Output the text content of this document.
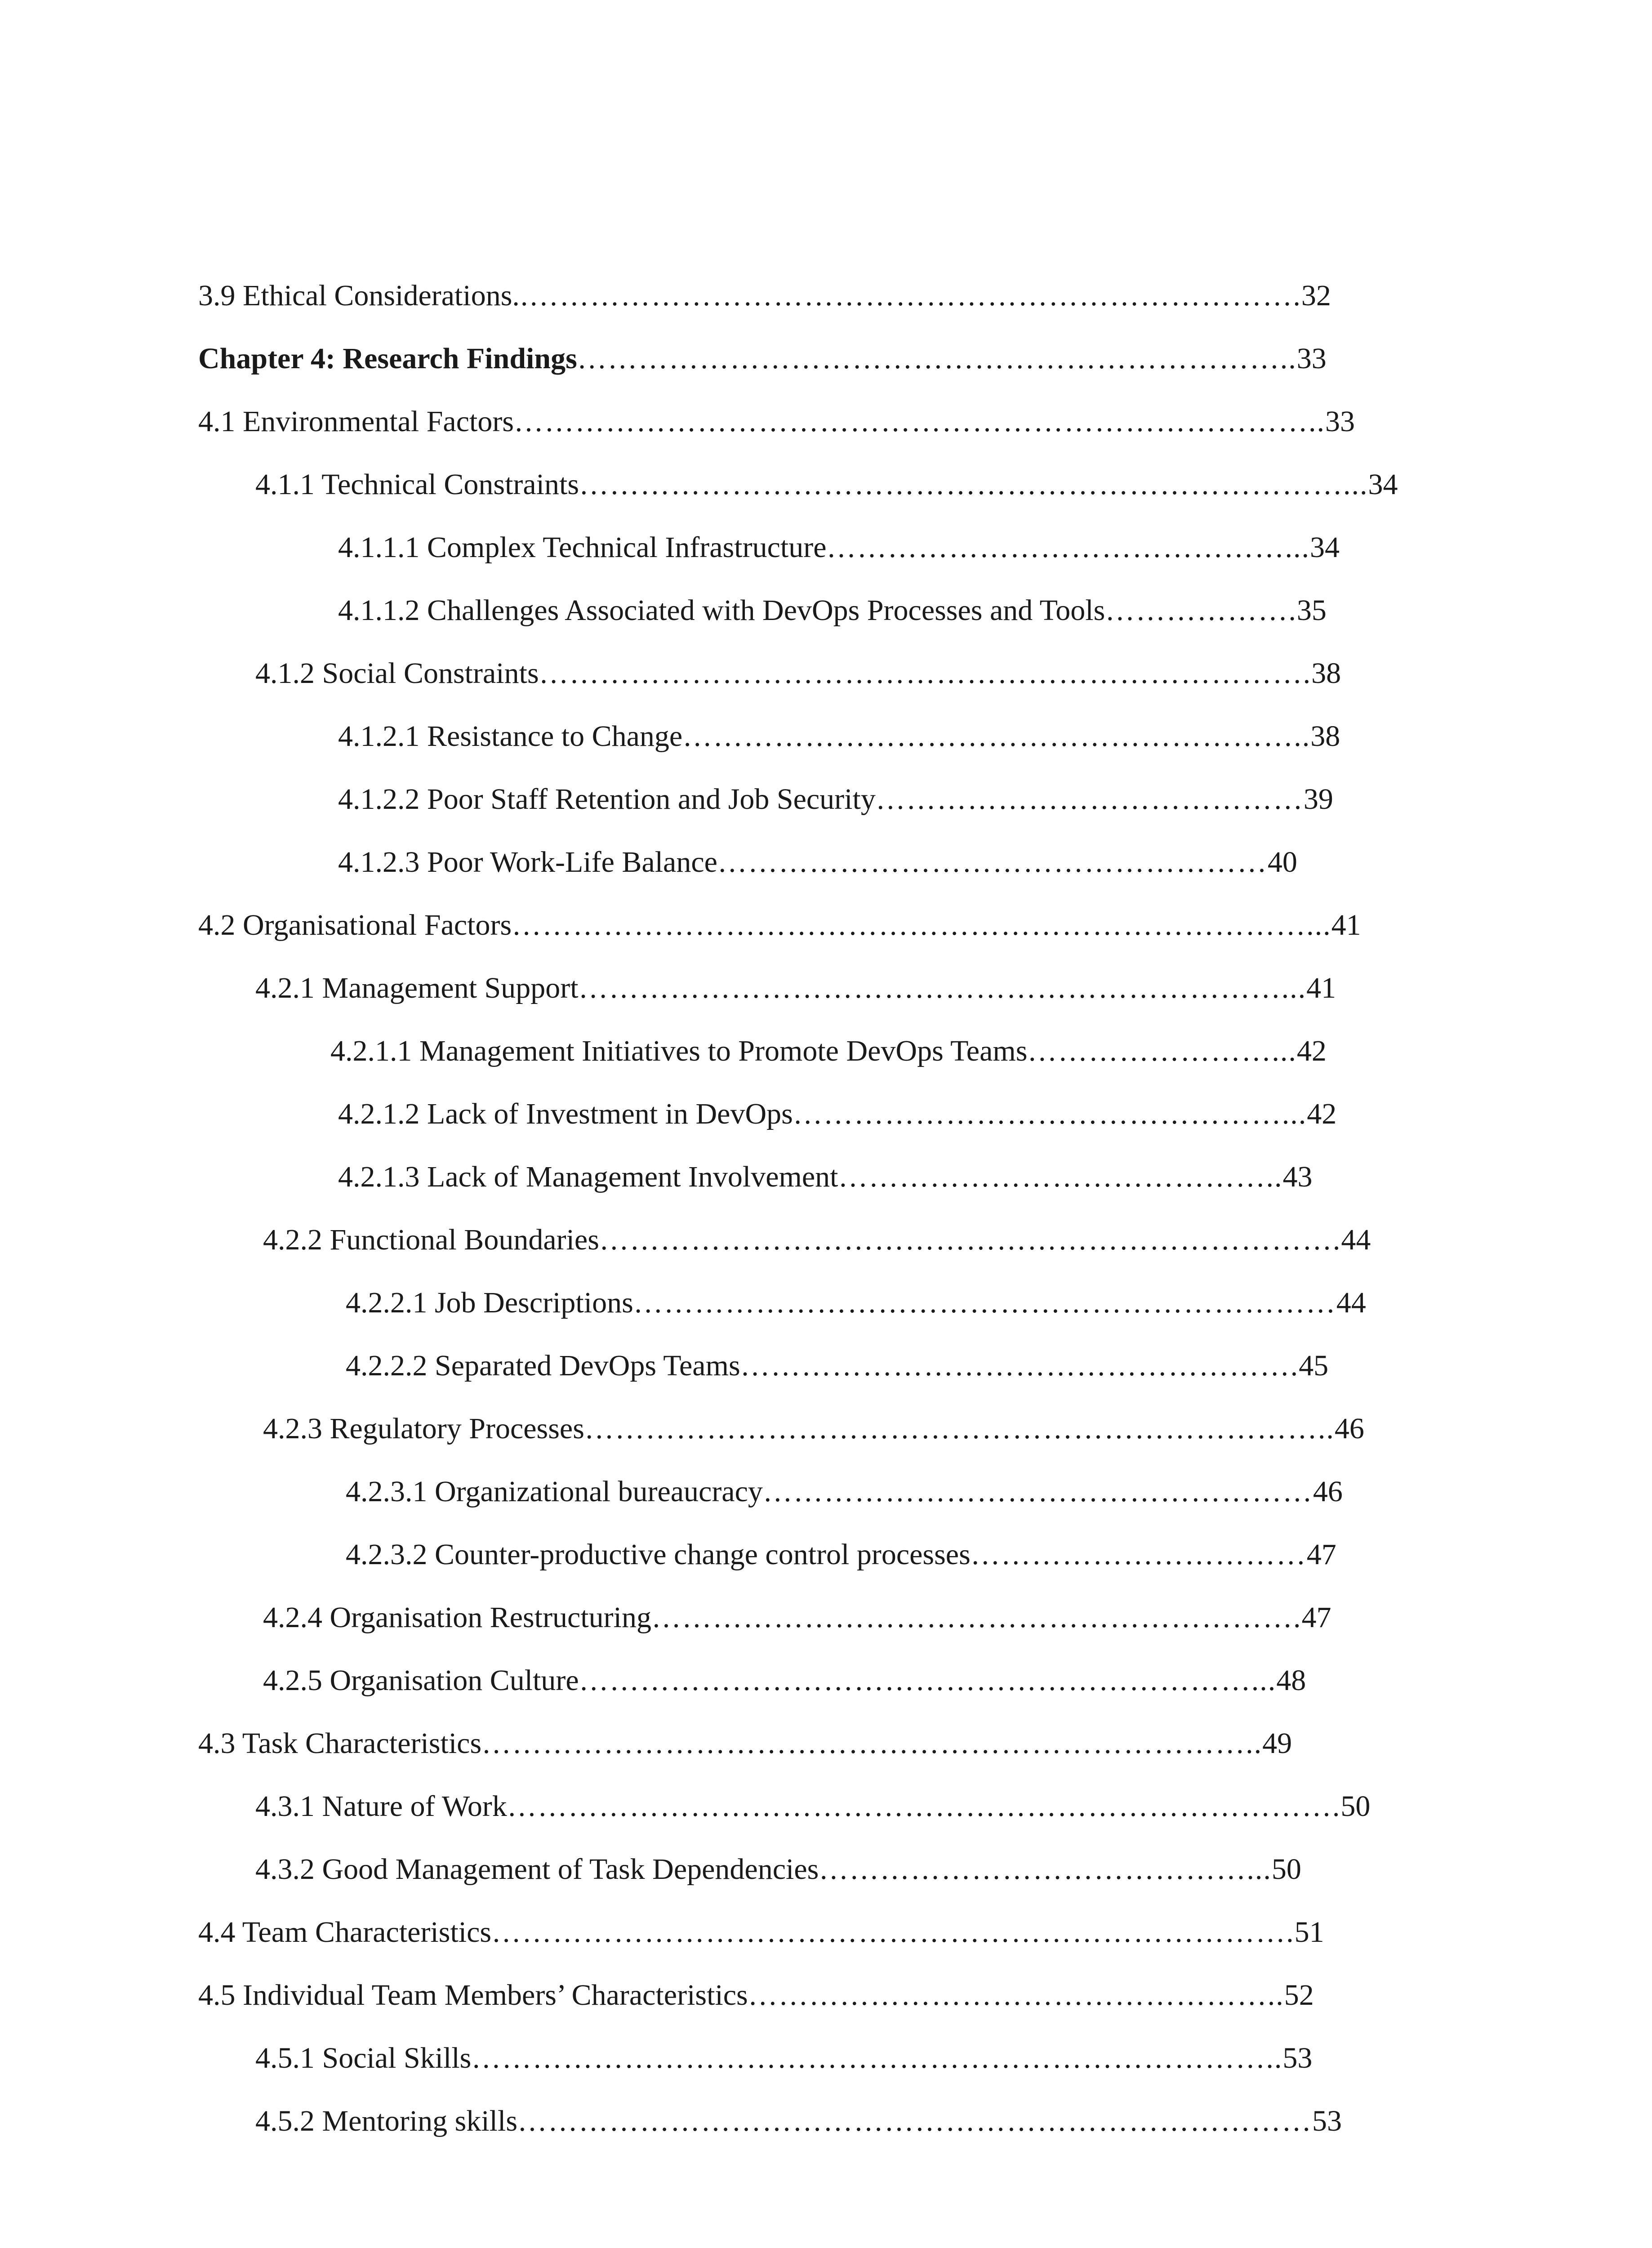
3.9 Ethical Considerations..………………………………………………………………….32
Chapter 4: Research Findings……………………………………………………………..33
4.1 Environmental Factors……………………………………………………………………..33
4.1.1 Technical Constraints…………………………………………………………………...34
4.1.1.1 Complex Technical Infrastructure………………………………………...34
4.1.1.2 Challenges Associated with DevOps Processes and Tools……………….35
4.1.2 Social Constraints………………………………………………………………….38
4.1.2.1 Resistance to Change……………………………………………………..38
4.1.2.2 Poor Staff Retention and Job Security……………………………………39
4.1.2.3 Poor Work-Life Balance………………………………………………40
4.2 Organisational Factors……………………………………………………………………...41
4.2.1 Management Support……………………………………………………………...41
4.2.1.1 Management Initiatives to Promote DevOps Teams……………………...42
4.2.1.2 Lack of Investment in DevOps…………………………………………...42
4.2.1.3 Lack of Management Involvement……………………………………..43
4.2.2 Functional Boundaries……………………………………………………………….44
4.2.2.1 Job Descriptions……………………………………………………………44
4.2.2.2 Separated DevOps Teams……………………………………………….45
4.2.3 Regulatory Processes………………………………………………………………..46
4.2.3.1 Organizational bureaucracy………………………………………………46
4.2.3.2 Counter-productive change control processes……………………………47
4.2.4 Organisation Restructuring……………………………………………………….47
4.2.5 Organisation Culture…………………………………………………………...48
4.3 Task Characteristics…………………………………………………………………..49
4.3.1 Nature of Work……………………………………………………………………….50
4.3.2 Good Management of Task Dependencies……………………………………...50
4.4 Team Characteristics…………………………………………………………………….51
4.5 Individual Team Members’ Characteristics……………………………………………..52
4.5.1 Social Skills……………………………………………………………………..53
4.5.2 Mentoring skills……………………………………………………………………53
